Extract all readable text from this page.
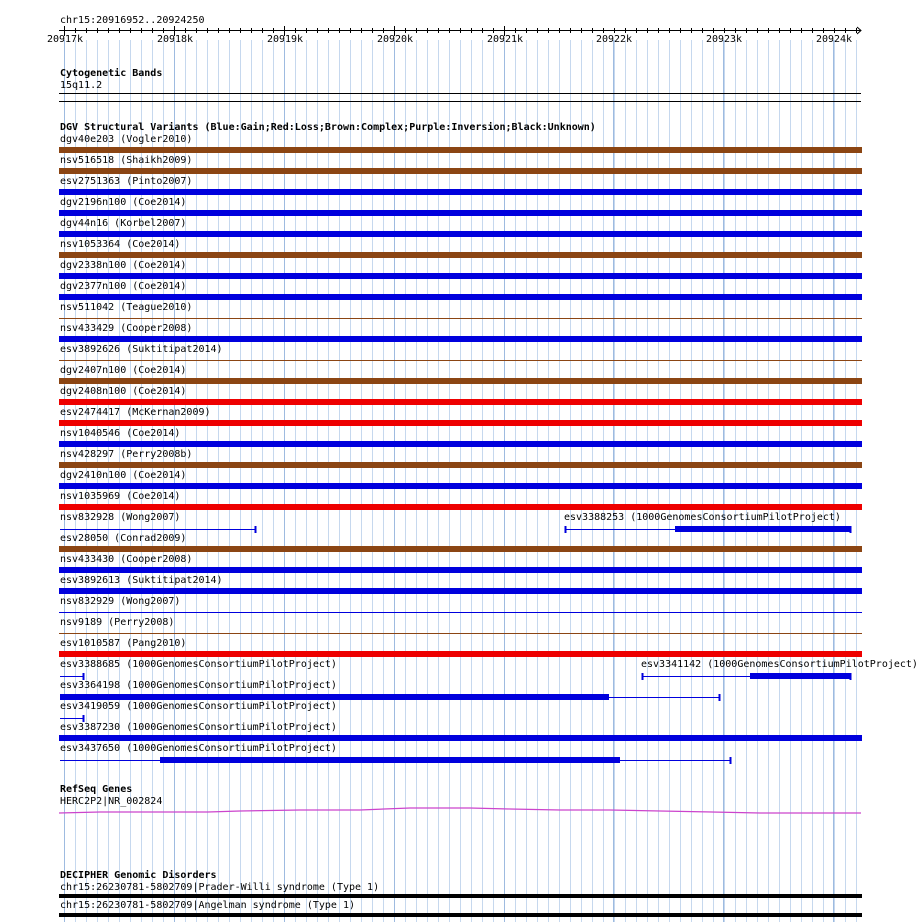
chr15:20916952..20924250
20917k	20918k	20919k	20920k	20921k	20922k	20923k	20924k
Cytogenetic Bands
15q11.2
DGV Structural Variants (Blue:Gain;Red:Loss;Brown:Complex;Purple:Inversion;Black:Unknown)
dgv40e203 (Vogler2010)
nsv516518 (Shaikh2009)
esv2751363 (Pinto2007)
dgv2196n100 (Coe2014)
dgv44n16 (Korbel2007)
nsv1053364 (Coe2014)
dgv2338n100 (Coe2014)
dgv2377n100 (Coe2014)
nsv511042 (Teague2010)
nsv433429 (Cooper2008)
esv3892626 (Suktitipat2014)
dgv2407n100 (Coe2014)
dgv2408n100 (Coe2014)
esv2474417 (McKernan2009)
nsv1040546 (Coe2014)
nsv428297 (Perry2008b)
dgv2410n100 (Coe2014)
nsv1035969 (Coe2014)
nsv832928 (Wong2007)	esv3388253 (1000GenomesConsortiumPilotProject)
esv28050 (Conrad2009)
nsv433430 (Cooper2008)
esv3892613 (Suktitipat2014)
nsv832929 (Wong2007)
nsv9189 (Perry2008)
esv1010587 (Pang2010)
esv3388685 (1000GenomesConsortiumPilotProject)	esv3341142 (1000GenomesConsortiumPilotProject)
esv3364198 (1000GenomesConsortiumPilotProject)
esv3419059 (1000GenomesConsortiumPilotProject)
esv3387230 (1000GenomesConsortiumPilotProject)
esv3437650 (1000GenomesConsortiumPilotProject)
RefSeq Genes
HERC2P2|NR_002824
DECIPHER Genomic Disorders
chr15:26230781-5802709|Prader-Willi syndrome (Type 1)
chr15:26230781-5802709|Angelman syndrome (Type 1)
